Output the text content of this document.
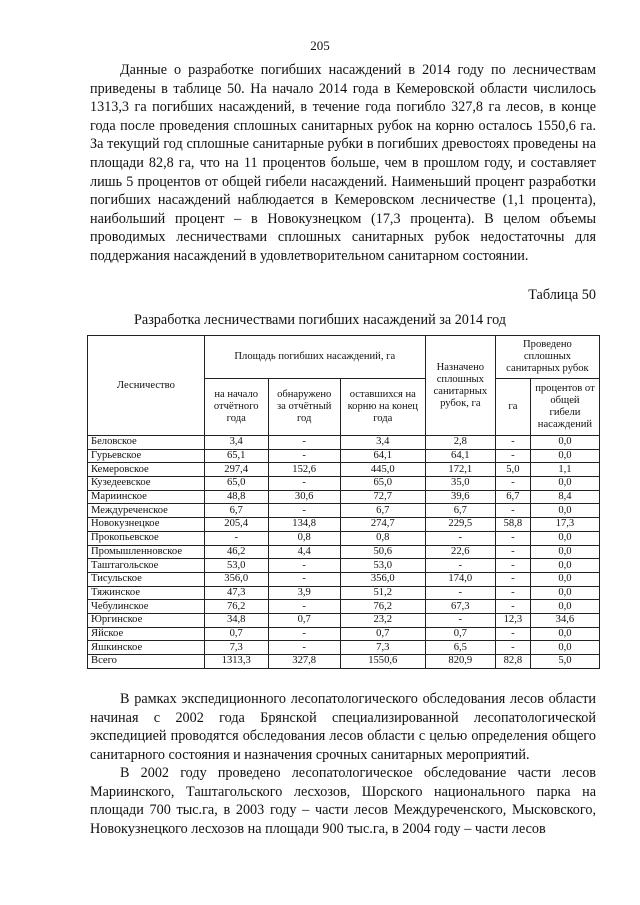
205

Данные о разработке погибших насаждений в 2014 году по лесничествам приведены в таблице 50. На начало 2014 года в Кемеровской области числилось 1313,3 га погибших насаждений, в течение года погибло 327,8 га лесов, в конце года после проведения сплошных санитарных рубок на корню осталось 1550,6 га. За текущий год сплошные санитарные рубки в погибших древостоях проведены на площади 82,8 га, что на 11 процентов больше, чем в прошлом году, и составляет лишь 5 процентов от общей гибели насаждений. Наименьший процент разработки погибших насаждений наблюдается в Кемеровском лесничестве (1,1 процента), наибольший процент – в Новокузнецком (17,3 процента). В целом объемы проводимых лесничествами сплошных санитарных рубок недостаточны для поддержания насаждений в удовлетворительном санитарном состоянии.

Таблица 50
Разработка лесничествами погибших насаждений за 2014 год
Лесничество	Площадь погибших насаждений, га			Назначено сплошных санитарных рубок, га	Проведено сплошных санитарных рубок	
	на начало отчётного года	обнаружено за отчётный год	оставшихся на корню на конец года		га	процентов от общей гибели насаждений
Беловское	3,4	-	3,4	2,8	-	0,0
Гурьевское	65,1	-	64,1	64,1	-	0,0
Кемеровское	297,4	152,6	445,0	172,1	5,0	1,1
Кузедеевское	65,0	-	65,0	35,0	-	0,0
Мариинское	48,8	30,6	72,7	39,6	6,7	8,4
Междуреченское	6,7	-	6,7	6,7	-	0,0
Новокузнецкое	205,4	134,8	274,7	229,5	58,8	17,3
Прокопьевское	-	0,8	0,8	-	-	0,0
Промышленновское	46,2	4,4	50,6	22,6	-	0,0
Таштагольское	53,0	-	53,0	-	-	0,0
Тисульское	356,0	-	356,0	174,0	-	0,0
Тяжинское	47,3	3,9	51,2	-	-	0,0
Чебулинское	76,2	-	76,2	67,3	-	0,0
Юргинское	34,8	0,7	23,2	-	12,3	34,6
Яйское	0,7	-	0,7	0,7	-	0,0
Яшкинское	7,3	-	7,3	6,5	-	0,0
Всего	1313,3	327,8	1550,6	820,9	82,8	5,0

В рамках экспедиционного лесопатологического обследования лесов области начиная с 2002 года Брянской специализированной лесопатологической экспедицией проводятся обследования лесов области с целью определения общего санитарного состояния и назначения срочных санитарных мероприятий.

В 2002 году проведено лесопатологическое обследование части лесов Мариинского, Таштагольского лесхозов, Шорского национального парка на площади 700 тыс.га, в 2003 году – части лесов Междуреченского, Мысковского, Новокузнецкого лесхозов на площади 900 тыс.га, в 2004 году – части лесов
